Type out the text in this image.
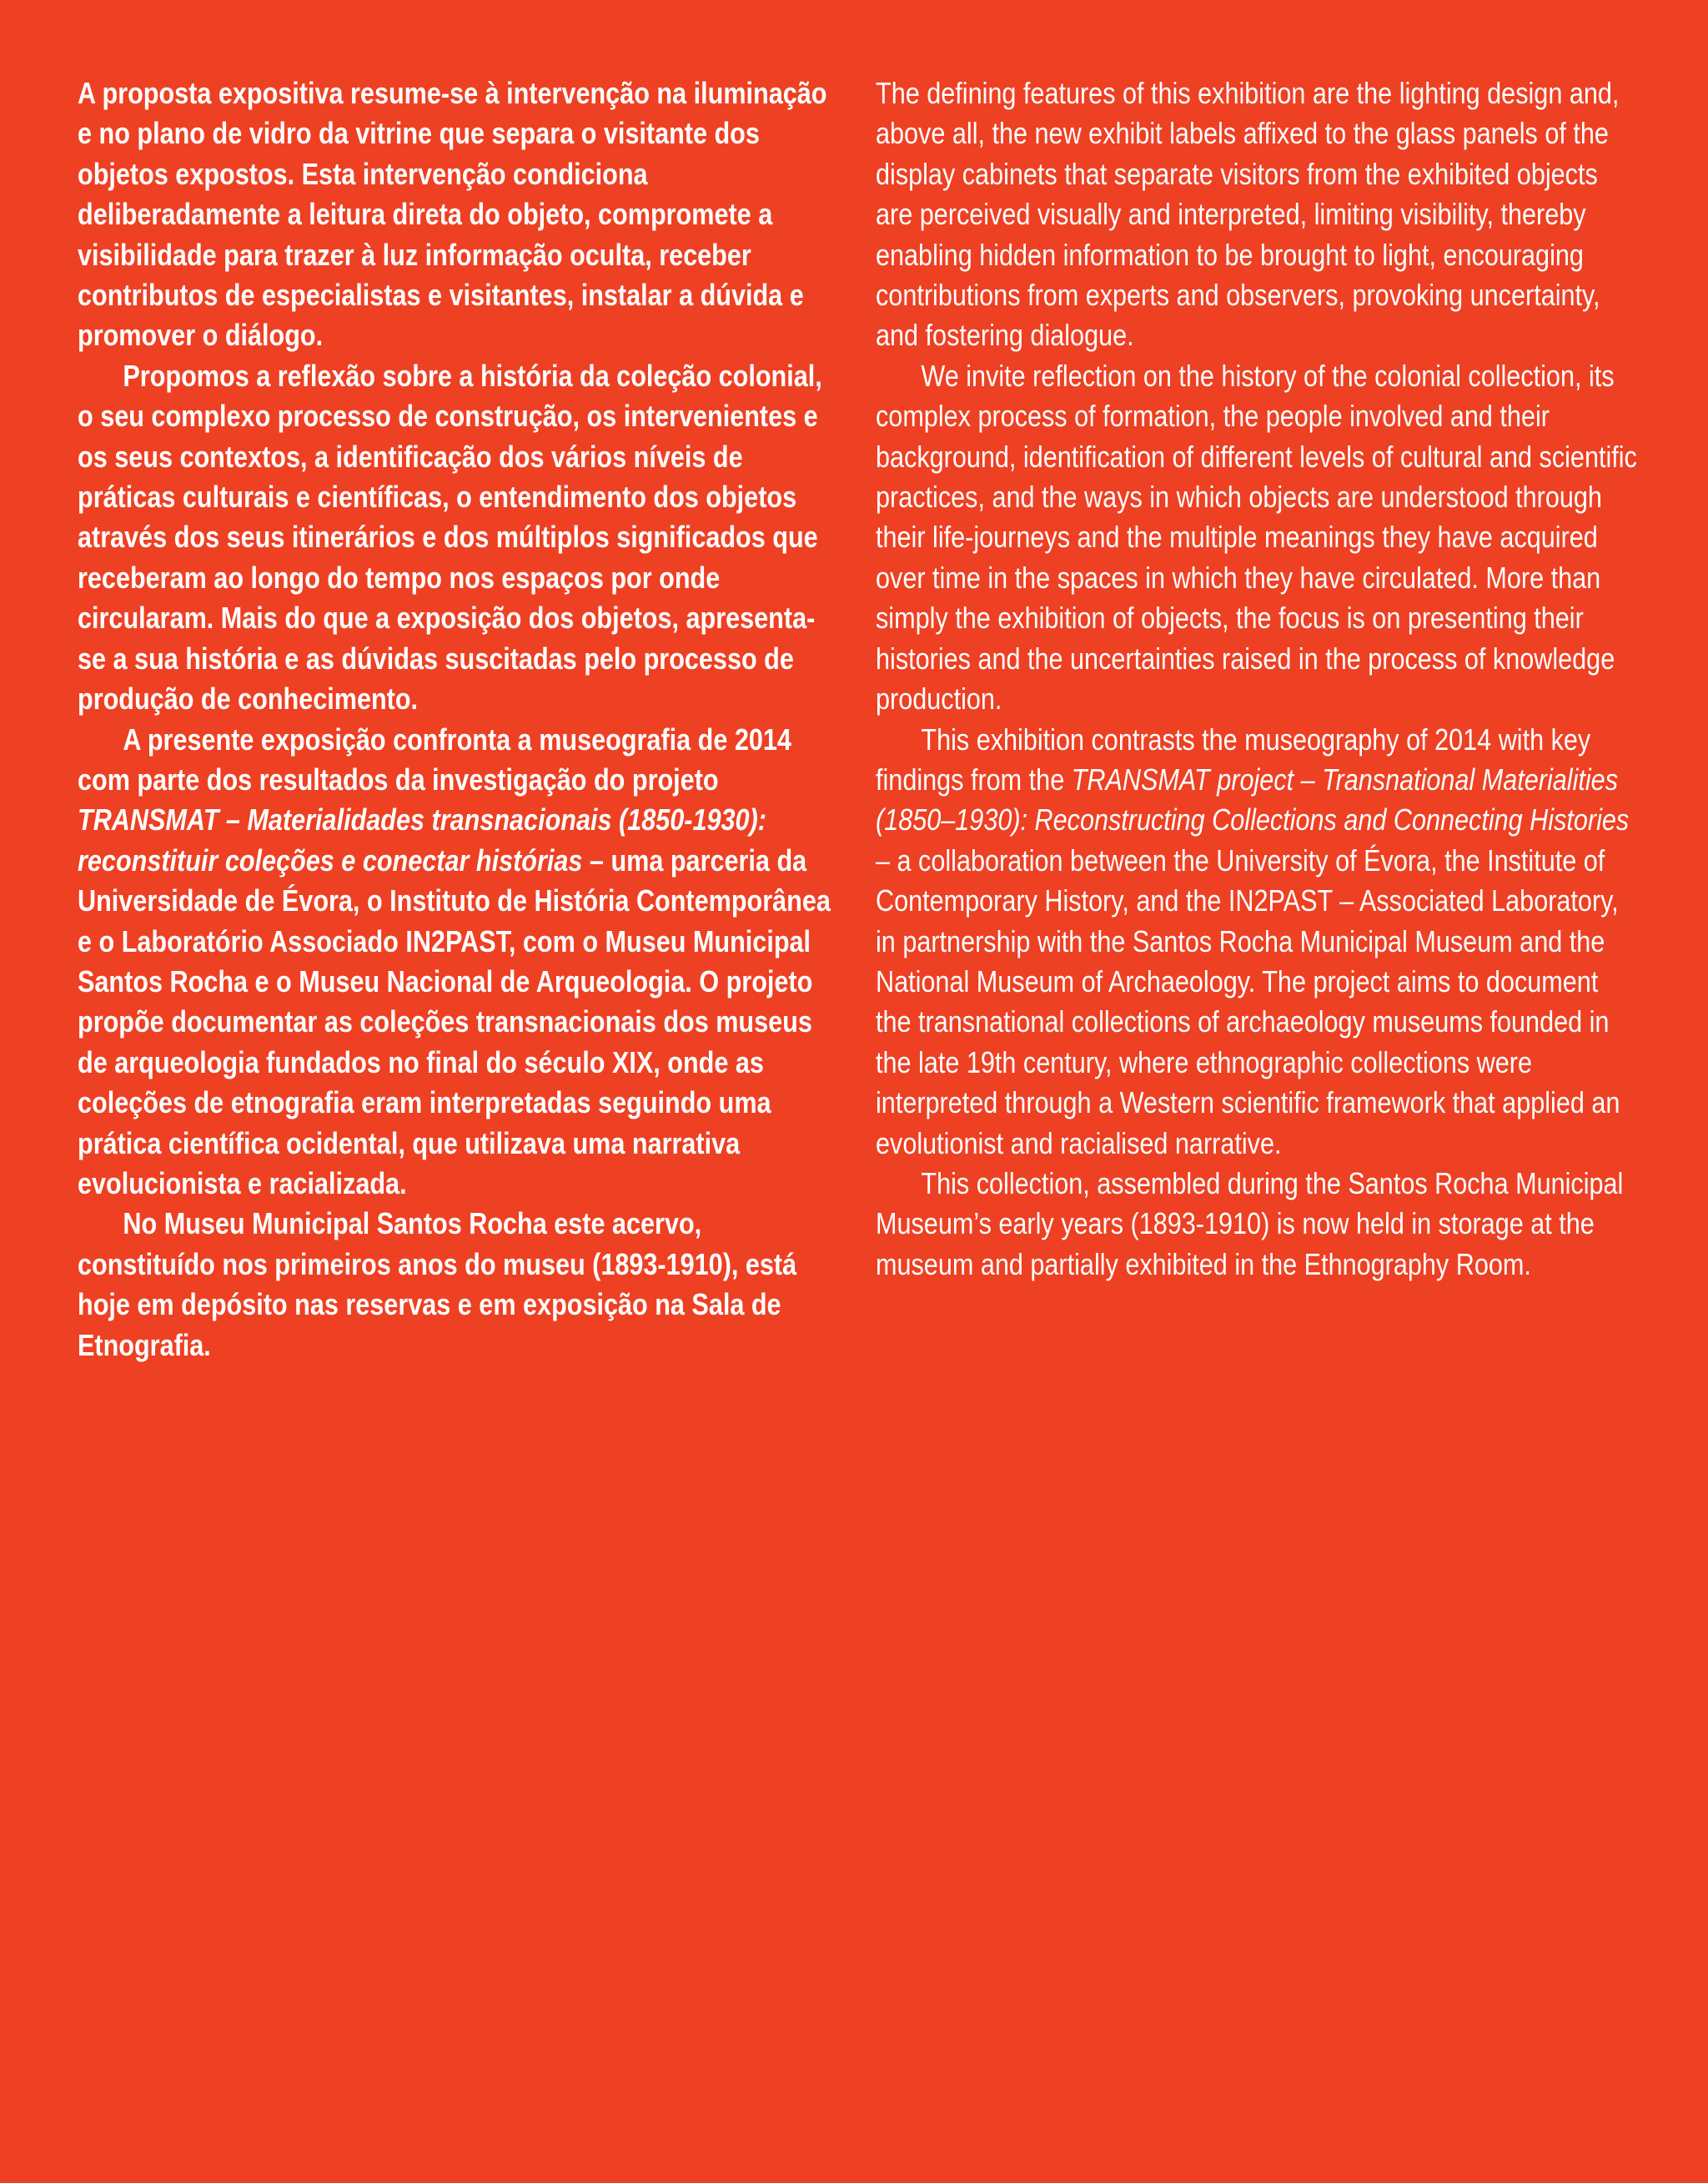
A proposta expositiva resume-se à intervenção na iluminação e no plano de vidro da vitrine que separa o visitante dos objetos expostos. Esta intervenção condiciona deliberadamente a leitura direta do objeto, compromete a visibilidade para trazer à luz informação oculta, receber contributos de especialistas e visitantes, instalar a dúvida e promover o diálogo.

Propomos a reflexão sobre a história da coleção colonial, o seu complexo processo de construção, os intervenientes e os seus contextos, a identificação dos vários níveis de práticas culturais e científicas, o entendimento dos objetos através dos seus itinerários e dos múltiplos significados que receberam ao longo do tempo nos espaços por onde circularam. Mais do que a exposição dos objetos, apresenta-se a sua história e as dúvidas suscitadas pelo processo de produção de conhecimento.

A presente exposição confronta a museografia de 2014 com parte dos resultados da investigação do projeto TRANSMAT – Materialidades transnacionais (1850-1930): reconstituir coleções e conectar histórias – uma parceria da Universidade de Évora, o Instituto de História Contemporânea e o Laboratório Associado IN2PAST, com o Museu Municipal Santos Rocha e o Museu Nacional de Arqueologia. O projeto propõe documentar as coleções transnacionais dos museus de arqueologia fundados no final do século XIX, onde as coleções de etnografia eram interpretadas seguindo uma prática científica ocidental, que utilizava uma narrativa evolucionista e racializada.

No Museu Municipal Santos Rocha este acervo, constituído nos primeiros anos do museu (1893-1910), está hoje em depósito nas reservas e em exposição na Sala de Etnografia.

The defining features of this exhibition are the lighting design and, above all, the new exhibit labels affixed to the glass panels of the display cabinets that separate visitors from the exhibited objects are perceived visually and interpreted, limiting visibility, thereby enabling hidden information to be brought to light, encouraging contributions from experts and observers, provoking uncertainty, and fostering dialogue.

We invite reflection on the history of the colonial collection, its complex process of formation, the people involved and their background, identification of different levels of cultural and scientific practices, and the ways in which objects are understood through their life-journeys and the multiple meanings they have acquired over time in the spaces in which they have circulated. More than simply the exhibition of objects, the focus is on presenting their histories and the uncertainties raised in the process of knowledge production.

This exhibition contrasts the museography of 2014 with key findings from the TRANSMAT project – Transnational Materialities (1850–1930): Reconstructing Collections and Connecting Histories – a collaboration between the University of Évora, the Institute of Contemporary History, and the IN2PAST – Associated Laboratory, in partnership with the Santos Rocha Municipal Museum and the National Museum of Archaeology. The project aims to document the transnational collections of archaeology museums founded in the late 19th century, where ethnographic collections were interpreted through a Western scientific framework that applied an evolutionist and racialised narrative.

This collection, assembled during the Santos Rocha Municipal Museum’s early years (1893-1910) is now held in storage at the museum and partially exhibited in the Ethnography Room.
